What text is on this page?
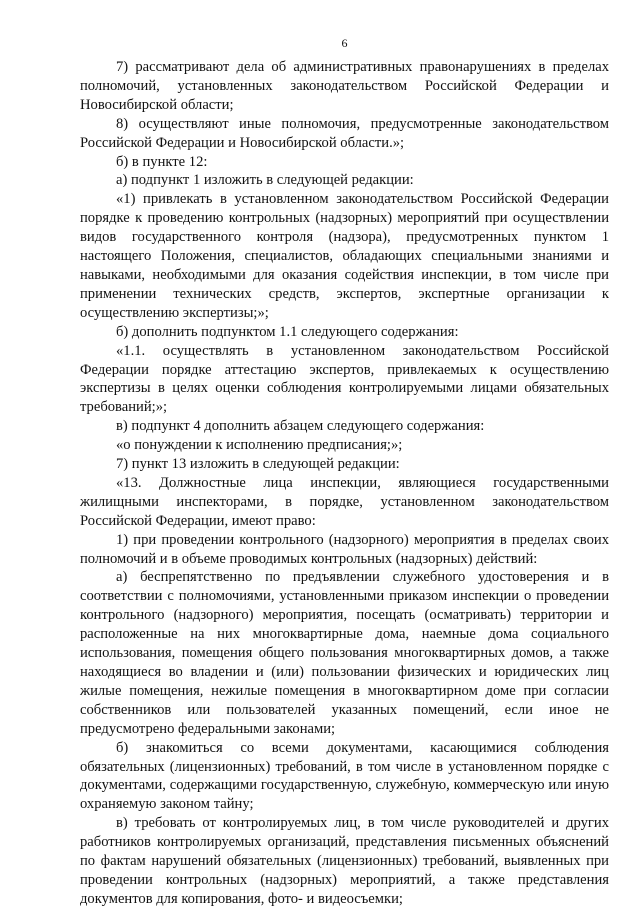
6

7) рассматривают дела об административных правонарушениях в пределах полномочий, установленных законодательством Российской Федерации и Новосибирской области;

8) осуществляют иные полномочия, предусмотренные законодательством Российской Федерации и Новосибирской области.»;

б) в пункте 12:

а) подпункт 1 изложить в следующей редакции:

«1) привлекать в установленном законодательством Российской Федерации порядке к проведению контрольных (надзорных) мероприятий при осуществлении видов государственного контроля (надзора), предусмотренных пунктом 1 настоящего Положения, специалистов, обладающих специальными знаниями и навыками, необходимыми для оказания содействия инспекции, в том числе при применении технических средств, экспертов, экспертные организации к осуществлению экспертизы;»;

б) дополнить подпунктом 1.1 следующего содержания:

«1.1. осуществлять в установленном законодательством Российской Федерации порядке аттестацию экспертов, привлекаемых к осуществлению экспертизы в целях оценки соблюдения контролируемыми лицами обязательных требований;»;

в) подпункт 4 дополнить абзацем следующего содержания:

«о понуждении к исполнению предписания;»;

7) пункт 13 изложить в следующей редакции:

«13. Должностные лица инспекции, являющиеся государственными жилищными инспекторами, в порядке, установленном законодательством Российской Федерации, имеют право:

1) при проведении контрольного (надзорного) мероприятия в пределах своих полномочий и в объеме проводимых контрольных (надзорных) действий:

а) беспрепятственно по предъявлении служебного удостоверения и в соответствии с полномочиями, установленными приказом инспекции о проведении контрольного (надзорного) мероприятия, посещать (осматривать) территории и расположенные на них многоквартирные дома, наемные дома социального использования, помещения общего пользования многоквартирных домов, а также находящиеся во владении и (или) пользовании физических и юридических лиц жилые помещения, нежилые помещения в многоквартирном доме при согласии собственников или пользователей указанных помещений, если иное не предусмотрено федеральными законами;

б) знакомиться со всеми документами, касающимися соблюдения обязательных (лицензионных) требований, в том числе в установленном порядке с документами, содержащими государственную, служебную, коммерческую или иную охраняемую законом тайну;

в) требовать от контролируемых лиц, в том числе руководителей и других работников контролируемых организаций, представления письменных объяснений по фактам нарушений обязательных (лицензионных) требований, выявленных при проведении контрольных (надзорных) мероприятий, а также представления документов для копирования, фото- и видеосъемки;
